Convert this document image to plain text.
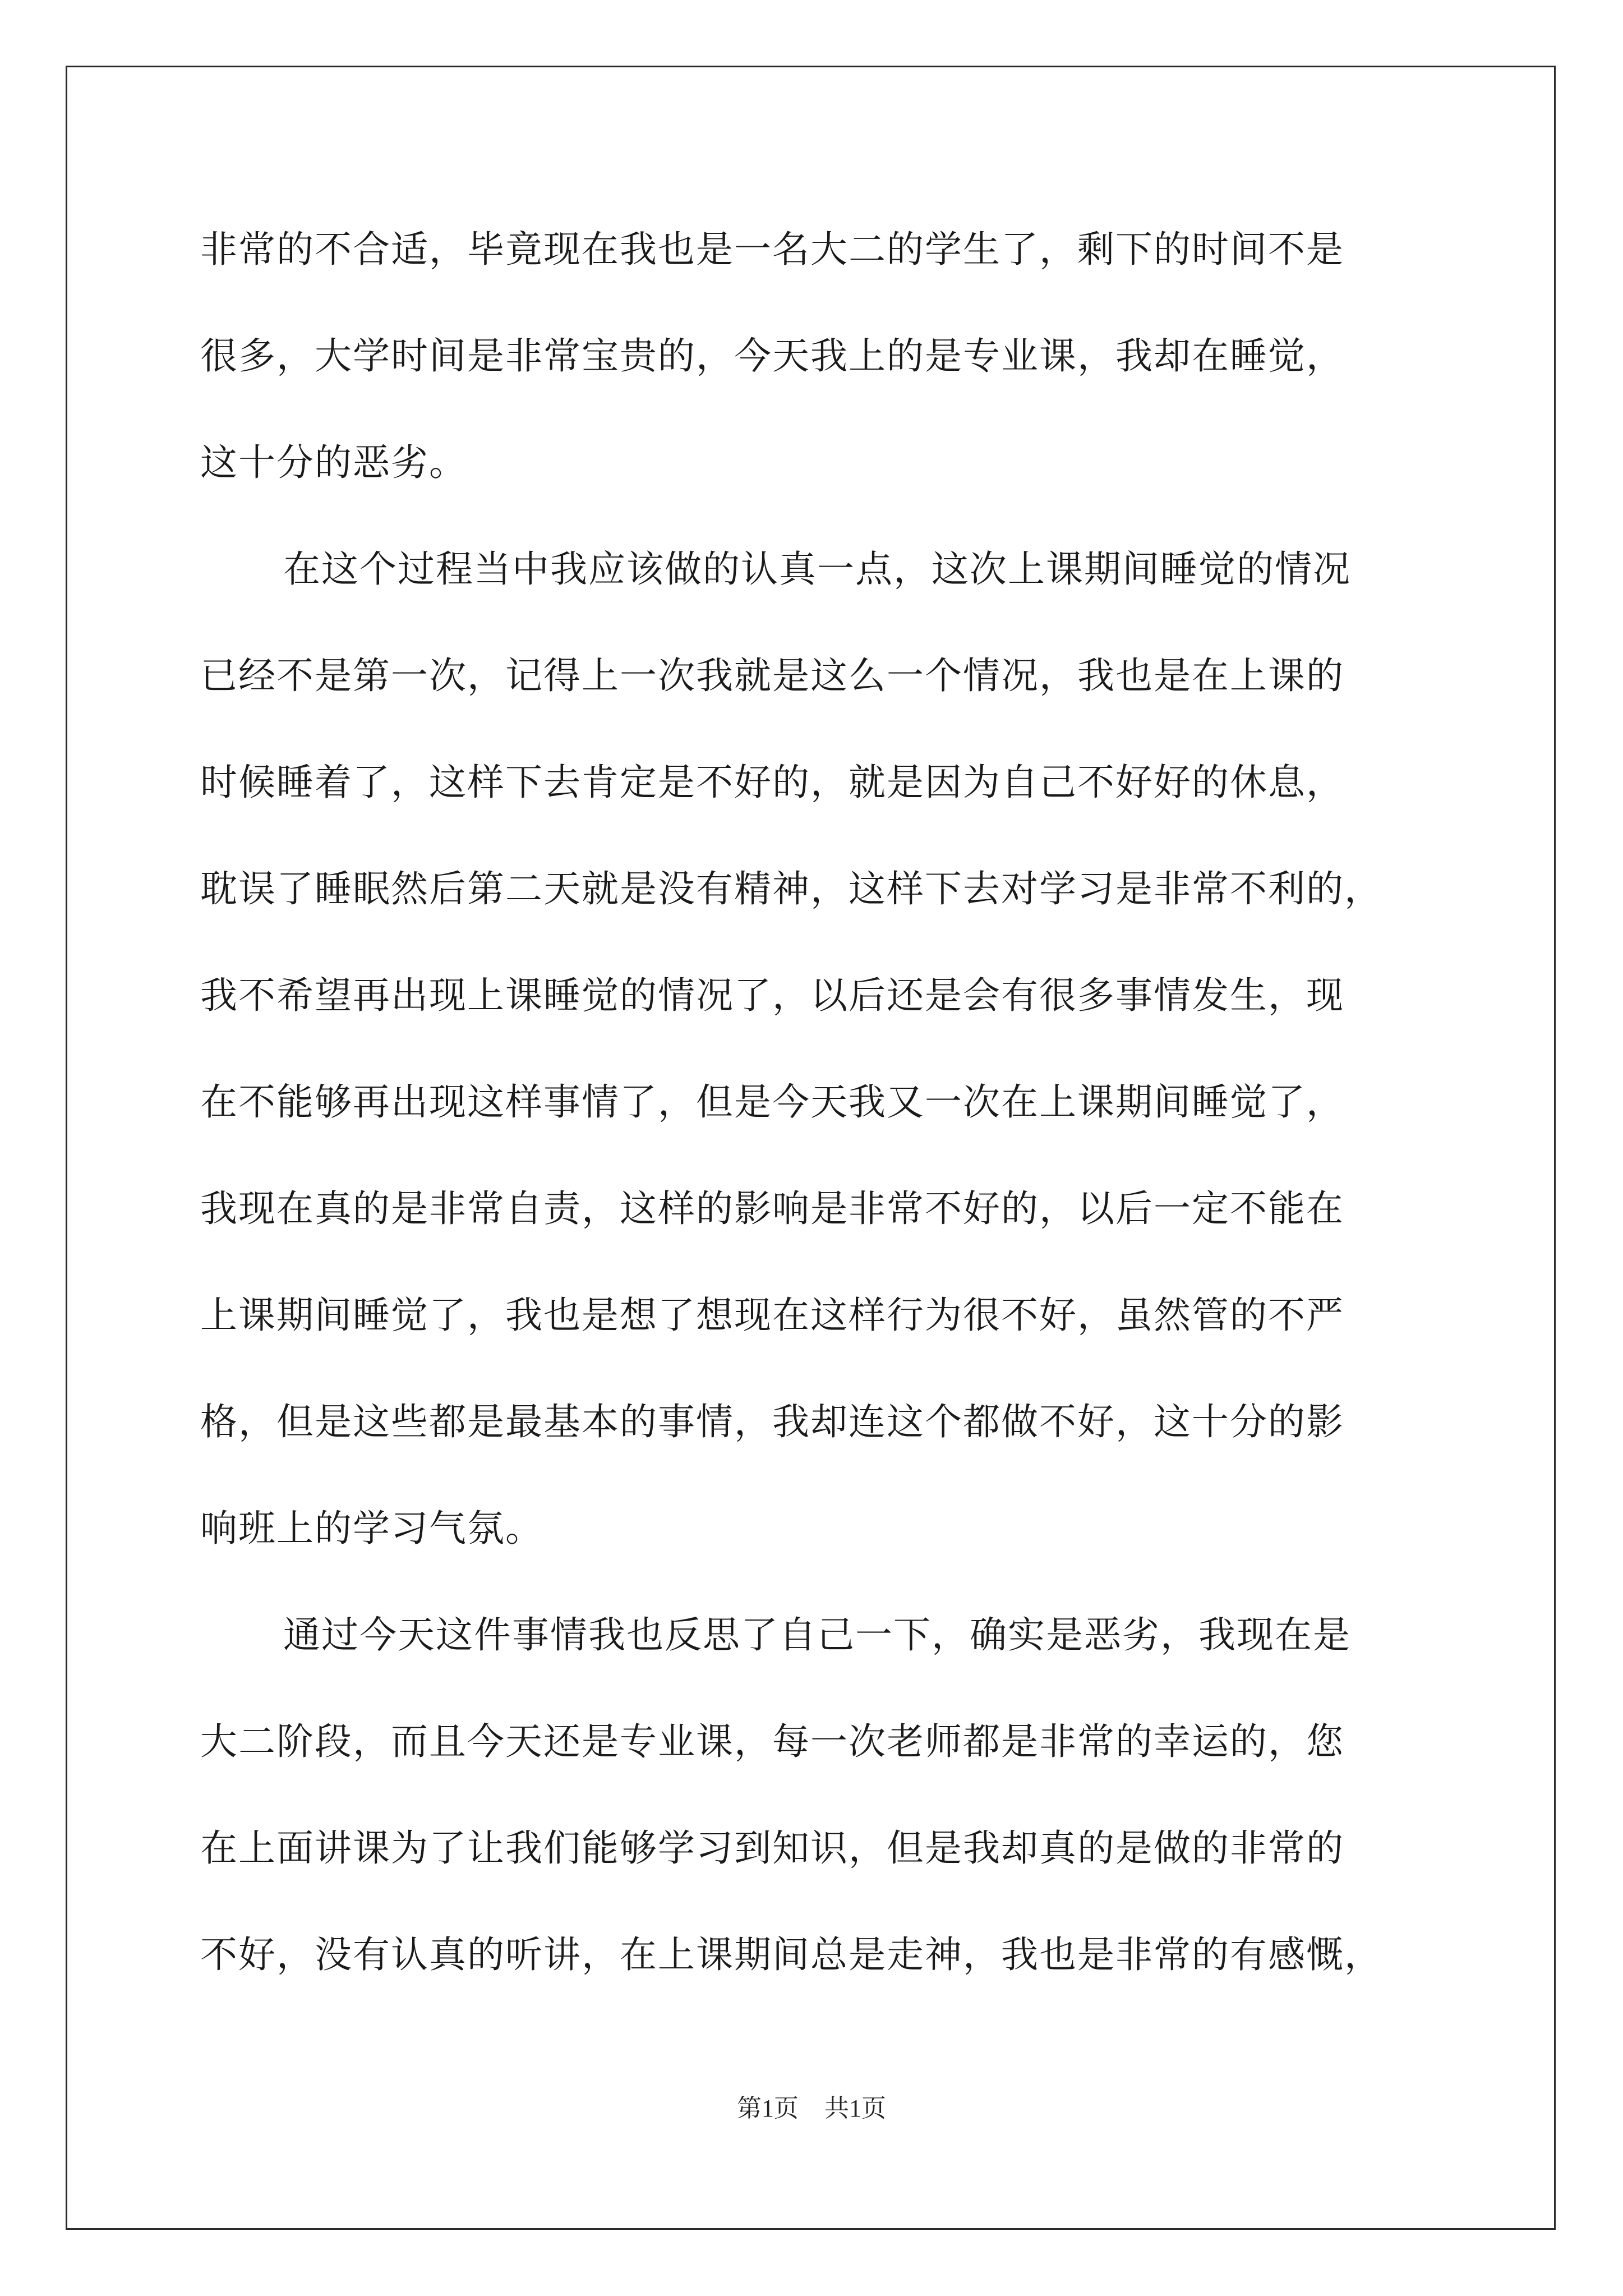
非常的不合适，毕竟现在我也是一名大二的学生了，剩下的时间不是
很多，大学时间是非常宝贵的，今天我上的是专业课，我却在睡觉，
这十分的恶劣。
在这个过程当中我应该做的认真一点，这次上课期间睡觉的情况
已经不是第一次，记得上一次我就是这么一个情况，我也是在上课的
时候睡着了，这样下去肯定是不好的，就是因为自己不好好的休息，
耽误了睡眠然后第二天就是没有精神，这样下去对学习是非常不利的，
我不希望再出现上课睡觉的情况了，以后还是会有很多事情发生，现
在不能够再出现这样事情了，但是今天我又一次在上课期间睡觉了，
我现在真的是非常自责，这样的影响是非常不好的，以后一定不能在
上课期间睡觉了，我也是想了想现在这样行为很不好，虽然管的不严
格，但是这些都是最基本的事情，我却连这个都做不好，这十分的影
响班上的学习气氛。
通过今天这件事情我也反思了自己一下，确实是恶劣，我现在是
大二阶段，而且今天还是专业课，每一次老师都是非常的幸运的，您
在上面讲课为了让我们能够学习到知识，但是我却真的是做的非常的
不好，没有认真的听讲，在上课期间总是走神，我也是非常的有感慨，
第1页 共1页
